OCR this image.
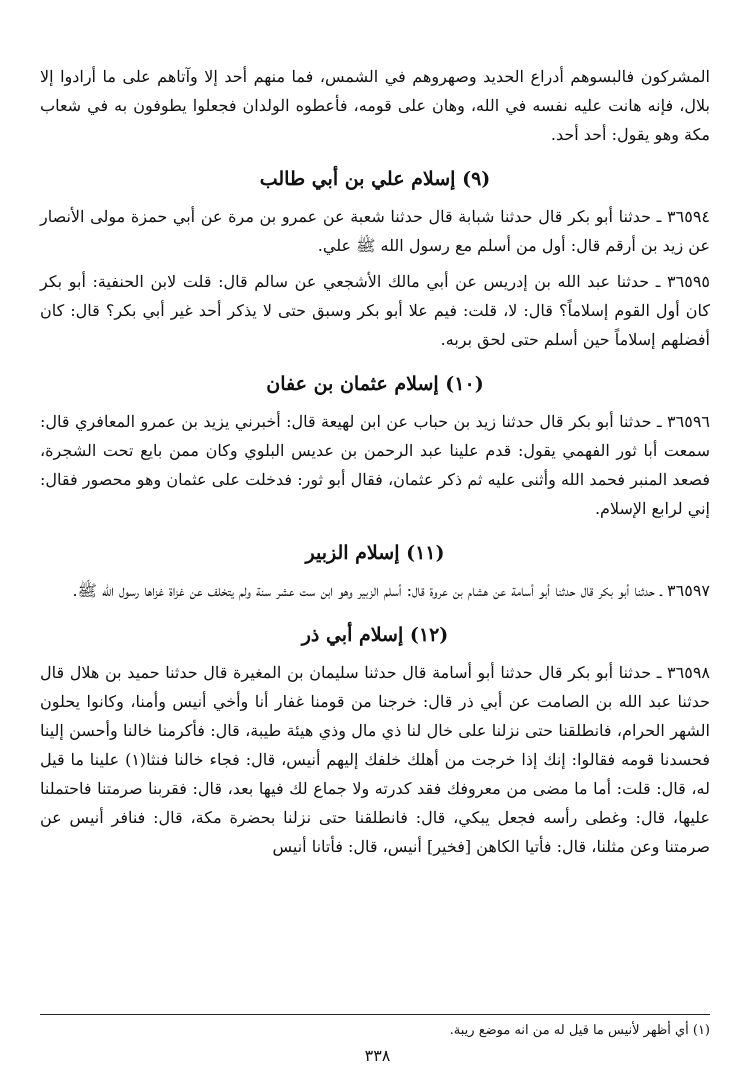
المشركون فالبسوهم أدراع الحديد وصهروهم في الشمس، فما منهم أحد إلا وآتاهم على ما أرادوا إلا بلال، فإنه هانت عليه نفسه في الله، وهان على قومه، فأعطوه الولدان فجعلوا يطوفون به في شعاب مكة وهو يقول: أحد أحد.

(٩) إسلام علي بن أبي طالب

٣٦٥٩٤ ـ حدثنا أبو بكر قال حدثنا شبابة قال حدثنا شعبة عن عمرو بن مرة عن أبي حمزة مولى الأنصار عن زيد بن أرقم قال: أول من أسلم مع رسول الله ﷺ علي.

٣٦٥٩٥ ـ حدثنا عبد الله بن إدريس عن أبي مالك الأشجعي عن سالم قال: قلت لابن الحنفية: أبو بكر كان أول القوم إسلاماً؟ قال: لا، قلت: فيم علا أبو بكر وسبق حتى لا يذكر أحد غير أبي بكر؟ قال: كان أفضلهم إسلاماً حين أسلم حتى لحق بربه.

(١٠) إسلام عثمان بن عفان

٣٦٥٩٦ ـ حدثنا أبو بكر قال حدثنا زيد بن حباب عن ابن لهيعة قال: أخبرني يزيد بن عمرو المعافري قال: سمعت أبا ثور الفهمي يقول: قدم علينا عبد الرحمن بن عديس البلوي وكان ممن بايع تحت الشجرة، فصعد المنبر فحمد الله وأثنى عليه ثم ذكر عثمان، فقال أبو ثور: فدخلت على عثمان وهو محصور فقال: إني لرابع الإسلام.

(١١) إسلام الزبير

٣٦٥٩٧ ـ حدثنا أبو بكر قال حدثنا أبو أسامة عن هشام بن عروة قال: أسلم الزبير وهو ابن ست عشر سنة ولم يتخلف عن غزاة غزاها رسول الله ﷺ.

(١٢) إسلام أبي ذر

٣٦٥٩٨ ـ حدثنا أبو بكر قال حدثنا أبو أسامة قال حدثنا سليمان بن المغيرة قال حدثنا حميد بن هلال قال حدثنا عبد الله بن الصامت عن أبي ذر قال: خرجنا من قومنا غفار أنا وأخي أنيس وأمنا، وكانوا يحلون الشهر الحرام، فانطلقنا حتى نزلنا على خال لنا ذي مال وذي هيئة طيبة، قال: فأكرمنا خالنا وأحسن إلينا فحسدنا قومه فقالوا: إنك إذا خرجت من أهلك خلفك إليهم أنيس، قال: فجاء خالنا فنثا(١) علينا ما قيل له، قال: قلت: أما ما مضى من معروفك فقد كدرته ولا جماع لك فيها بعد، قال: فقربنا صرمتنا فاحتملنا عليها، قال: وغطى رأسه فجعل يبكي، قال: فانطلقنا حتى نزلنا بحضرة مكة، قال: فنافر أنيس عن صرمتنا وعن مثلنا، قال: فأتيا الكاهن [فخير] أنيس، قال: فأتانا أنيس

(١) أي أظهر لأنيس ما قيل له من انه موضع ريبة.
٣٣٨
